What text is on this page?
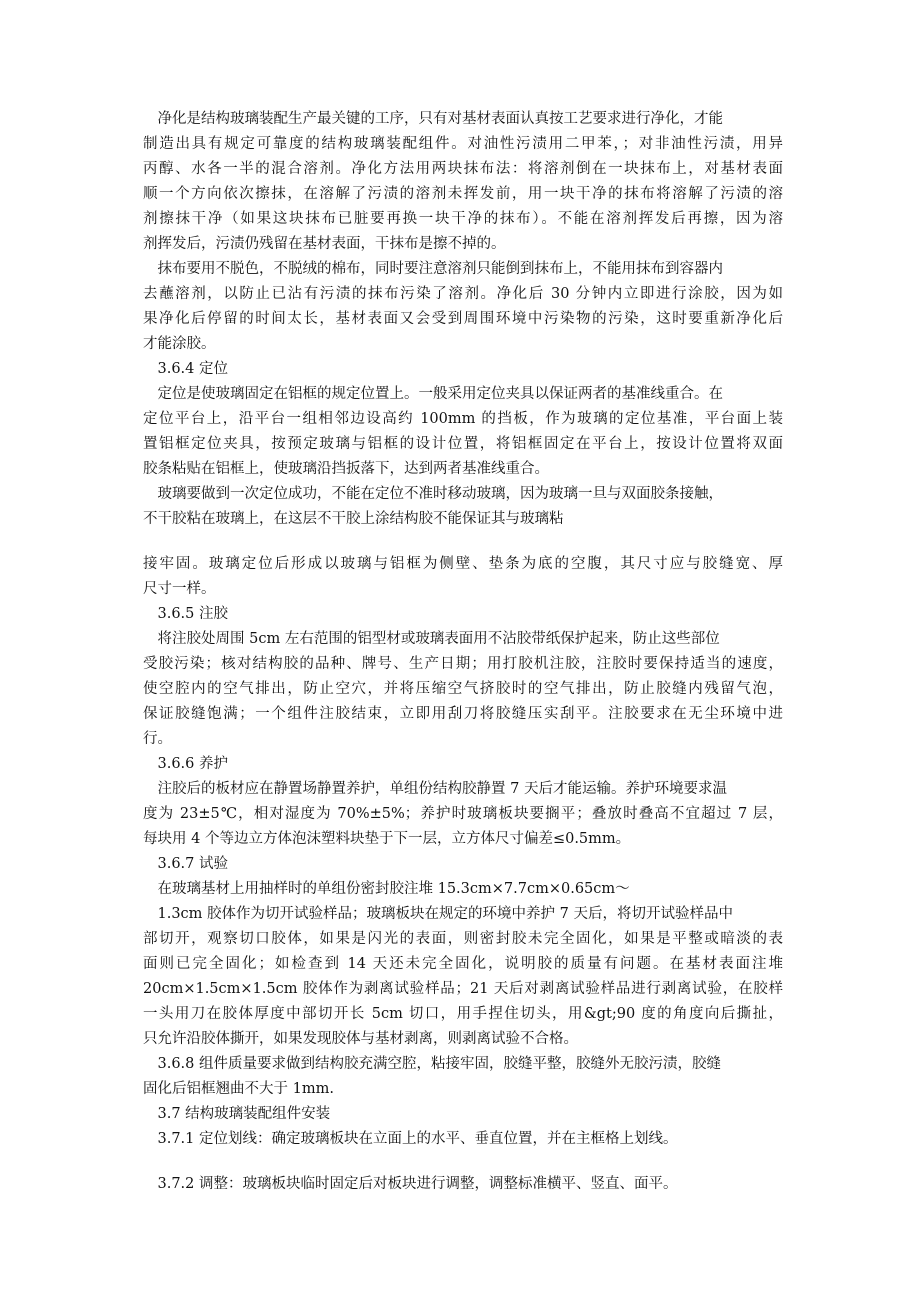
　净化是结构玻璃装配生产最关键的工序，只有对基材表面认真按工艺要求进行净化，才能
制造出具有规定可靠度的结构玻璃装配组件。对油性污渍用二甲苯，；对非油性污渍，用异
丙醇、水各一半的混合溶剂。净化方法用两块抹布法：将溶剂倒在一块抹布上，对基材表面
顺一个方向依次擦抹，在溶解了污渍的溶剂未挥发前，用一块干净的抹布将溶解了污渍的溶
剂擦抹干净（如果这块抹布已脏要再换一块干净的抹布）。不能在溶剂挥发后再擦，因为溶
剂挥发后，污渍仍残留在基材表面，干抹布是擦不掉的。
　抹布要用不脱色，不脱绒的棉布，同时要注意溶剂只能倒到抹布上，不能用抹布到容器内
去蘸溶剂，以防止已沾有污渍的抹布污染了溶剂。净化后 30 分钟内立即进行涂胶，因为如
果净化后停留的时间太长，基材表面又会受到周围环境中污染物的污染，这时要重新净化后
才能涂胶。
　3.6.4 定位
　定位是使玻璃固定在铝框的规定位置上。一般采用定位夹具以保证两者的基准线重合。在
定位平台上，沿平台一组相邻边设高约 100mm 的挡板，作为玻璃的定位基准，平台面上装
置铝框定位夹具，按预定玻璃与铝框的设计位置，将铝框固定在平台上，按设计位置将双面
胶条粘贴在铝框上，使玻璃沿挡扳落下，达到两者基准线重合。
　玻璃要做到一次定位成功，不能在定位不准时移动玻璃，因为玻璃一旦与双面胶条接触，
不干胶粘在玻璃上，在这层不干胶上涂结构胶不能保证其与玻璃粘
接牢固。玻璃定位后形成以玻璃与铝框为侧壁、垫条为底的空腹，其尺寸应与胶缝宽、厚
尺寸一样。
　3.6.5 注胶
　将注胶处周围 5cm 左右范围的铝型材或玻璃表面用不沾胶带纸保护起来，防止这些部位
受胶污染；核对结构胶的品种、牌号、生产日期；用打胶机注胶，注胶时要保持适当的速度，
使空腔内的空气排出，防止空穴，并将压缩空气挤胶时的空气排出，防止胶缝内残留气泡，
保证胶缝饱满；一个组件注胶结束，立即用刮刀将胶缝压实刮平。注胶要求在无尘环境中进
行。
　3.6.6 养护
　注胶后的板材应在静置场静置养护，单组份结构胶静置 7 天后才能运输。养护环境要求温
度为 23±5℃，相对湿度为 70%±5%；养护时玻璃板块要搁平；叠放时叠高不宜超过 7 层，
每块用 4 个等边立方体泡沫塑料块垫于下一层，立方体尺寸偏差≤0.5mm。
　3.6.7 试验
　在玻璃基材上用抽样时的单组份密封胶注堆 15.3cm×7.7cm×0.65cm～
　1.3cm 胶体作为切开试验样品；玻璃板块在规定的环境中养护 7 天后，将切开试验样品中
部切开，观察切口胶体，如果是闪光的表面，则密封胶未完全固化，如果是平整或暗淡的表
面则已完全固化；如检查到 14 天还未完全固化，说明胶的质量有问题。在基材表面注堆
20cm×1.5cm×1.5cm 胶体作为剥离试验样品；21 天后对剥离试验样品进行剥离试验，在胶样
一头用刀在胶体厚度中部切开长 5cm 切口，用手捏住切头，用&gt;90 度的角度向后撕扯，
只允许沿胶体撕开，如果发现胶体与基材剥离，则剥离试验不合格。
　3.6.8 组件质量要求做到结构胶充满空腔，粘接牢固，胶缝平整，胶缝外无胶污渍，胶缝
固化后铝框翘曲不大于 1mm.
　3.7 结构玻璃装配组件安装
　3.7.1 定位划线：确定玻璃板块在立面上的水平、垂直位置，并在主框格上划线。
　3.7.2 调整：玻璃板块临时固定后对板块进行调整，调整标准横平、竖直、面平。
